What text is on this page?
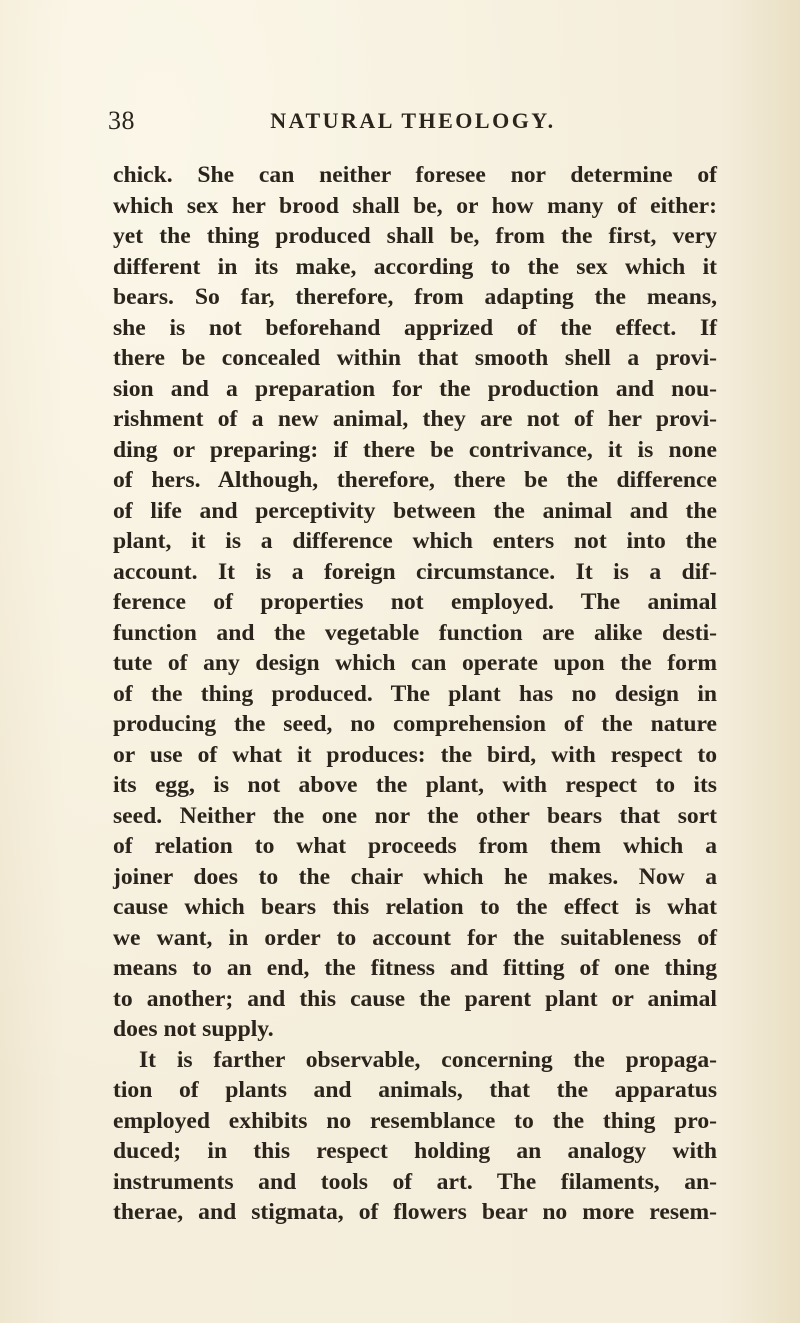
38	NATURAL THEOLOGY.
chick. She can neither foresee nor determine of
which sex her brood shall be, or how many of either:
yet the thing produced shall be, from the first, very
different in its make, according to the sex which it
bears. So far, therefore, from adapting the means,
she is not beforehand apprized of the effect. If
there be concealed within that smooth shell a provi-
sion and a preparation for the production and nou-
rishment of a new animal, they are not of her provi-
ding or preparing: if there be contrivance, it is none
of hers. Although, therefore, there be the difference
of life and perceptivity between the animal and the
plant, it is a difference which enters not into the
account. It is a foreign circumstance. It is a dif-
ference of properties not employed. The animal
function and the vegetable function are alike desti-
tute of any design which can operate upon the form
of the thing produced. The plant has no design in
producing the seed, no comprehension of the nature
or use of what it produces: the bird, with respect to
its egg, is not above the plant, with respect to its
seed. Neither the one nor the other bears that sort
of relation to what proceeds from them which a
joiner does to the chair which he makes. Now a
cause which bears this relation to the effect is what
we want, in order to account for the suitableness of
means to an end, the fitness and fitting of one thing
to another; and this cause the parent plant or animal
does not supply.
It is farther observable, concerning the propaga-
tion of plants and animals, that the apparatus
employed exhibits no resemblance to the thing pro-
duced; in this respect holding an analogy with
instruments and tools of art. The filaments, an-
therae, and stigmata, of flowers bear no more resem-
